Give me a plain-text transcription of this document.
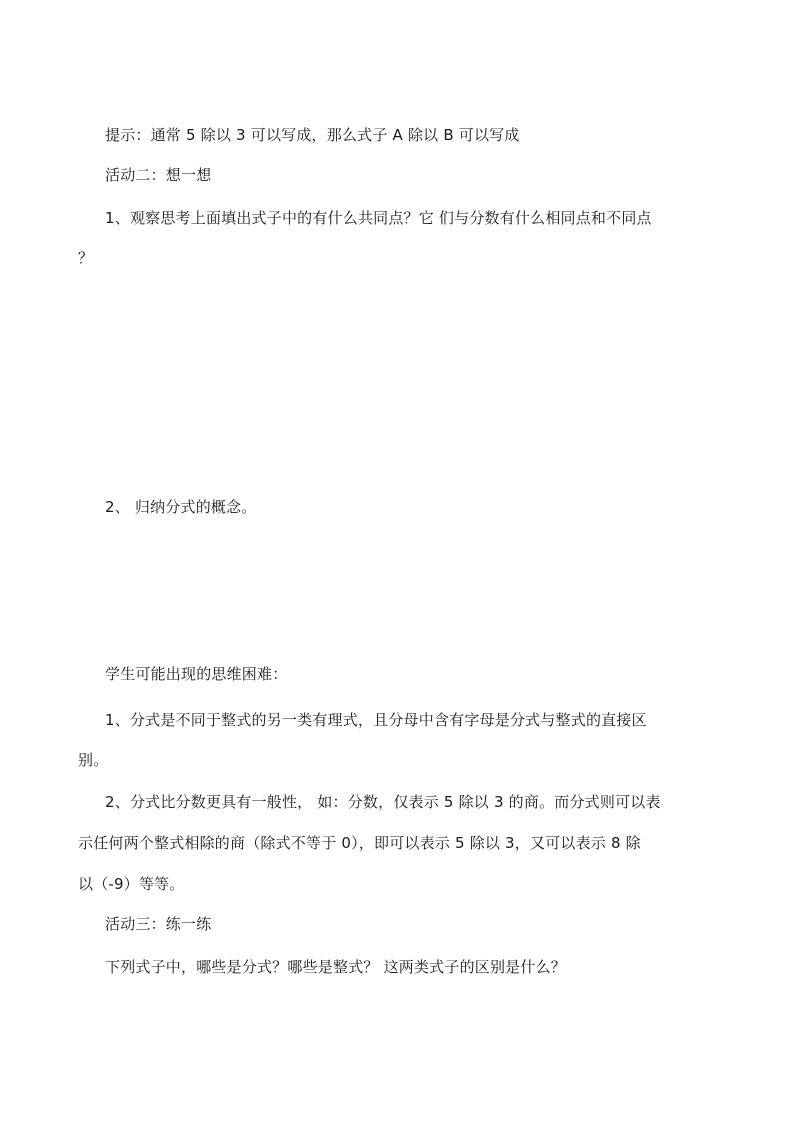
提示：通常 5 除以 3 可以写成，那么式子 A 除以 B 可以写成
活动二：想一想
1、观察思考上面填出式子中的有什么共同点？它 们与分数有什么相同点和不同点
？
2、 归纳分式的概念。
学生可能出现的思维困难：
1、分式是不同于整式的另一类有理式，且分母中含有字母是分式与整式的直接区
别。
2、分式比分数更具有一般性， 如：分数，仅表示 5 除以 3 的商。而分式则可以表
示任何两个整式相除的商（除式不等于 0），即可以表示 5 除以 3，又可以表示 8 除
以（-9）等等。
活动三：练一练
下列式子中，哪些是分式？哪些是整式？ 这两类式子的区别是什么？
